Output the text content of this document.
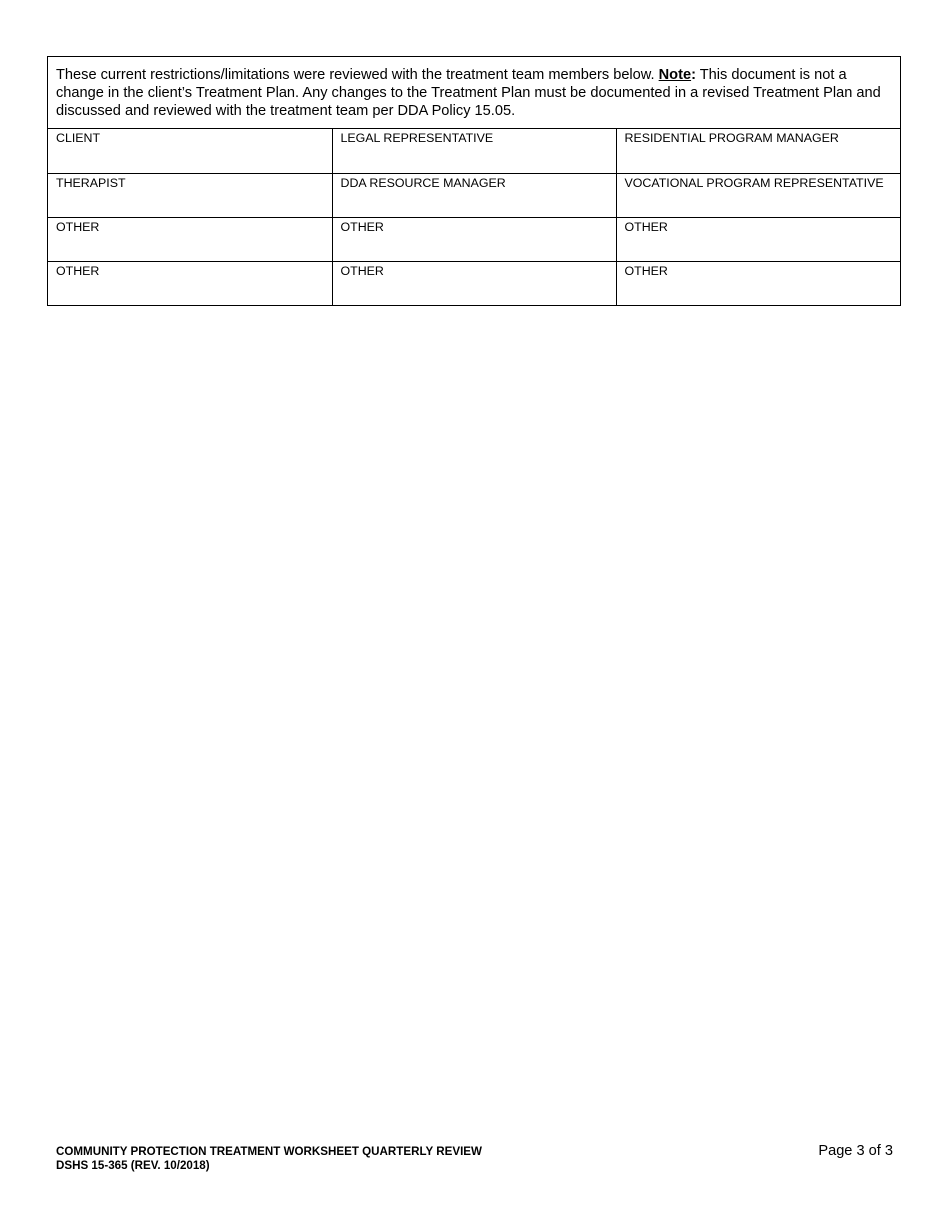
These current restrictions/limitations were reviewed with the treatment team members below. Note: This document is not a change in the client’s Treatment Plan. Any changes to the Treatment Plan must be documented in a revised Treatment Plan and discussed and reviewed with the treatment team per DDA Policy 15.05.
CLIENT	LEGAL REPRESENTATIVE	RESIDENTIAL PROGRAM MANAGER
THERAPIST	DDA RESOURCE MANAGER	VOCATIONAL PROGRAM REPRESENTATIVE
OTHER	OTHER	OTHER
OTHER	OTHER	OTHER
COMMUNITY PROTECTION TREATMENT WORKSHEET QUARTERLY REVIEW
DSHS 15-365 (REV. 10/2018)
Page 3 of 3
